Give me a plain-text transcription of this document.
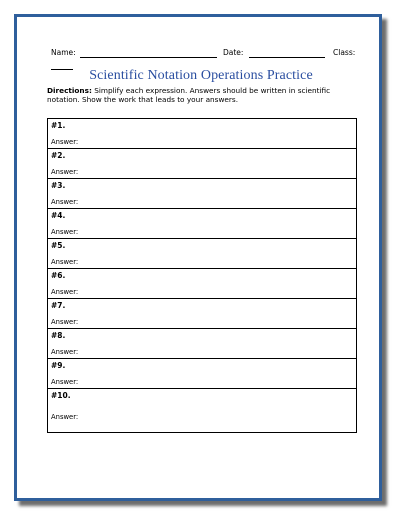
Name:	Date:	Class:
Scientific Notation Operations Practice
Directions: Simplify each expression. Answers should be written in scientific notation. Show the work that leads to your answers.
#1.
Answer:
#2.
Answer:
#3.
Answer:
#4.
Answer:
#5.
Answer:
#6.
Answer:
#7.
Answer:
#8.
Answer:
#9.
Answer:
#10.
Answer:
